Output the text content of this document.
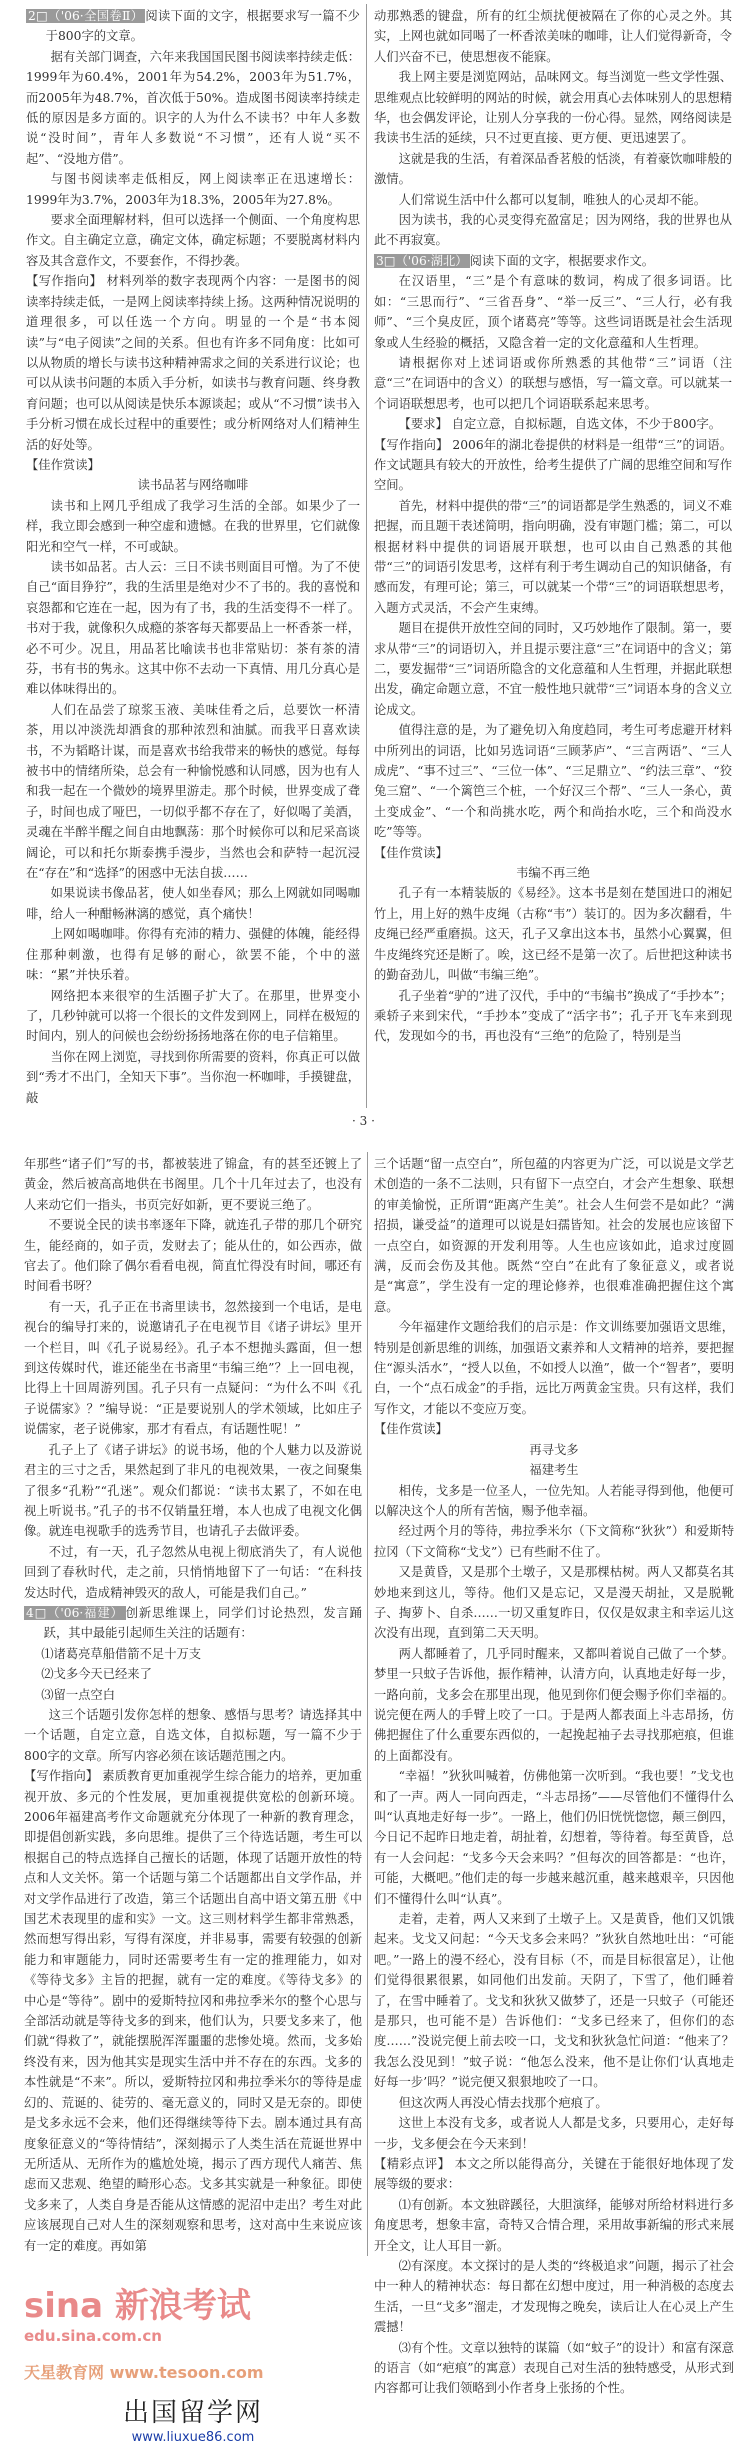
2□（'06·全国卷Ⅱ） 阅读下面的文字，根据要求写一篇不少于800字的文章。

据有关部门调查，六年来我国国民图书阅读率持续走低：1999年为60.4%，2001年为54.2%，2003年为51.7%，而2005年为48.7%，首次低于50%。造成图书阅读率持续走低的原因是多方面的。识字的人为什么不读书？中年人多数说“没时间”，青年人多数说“不习惯”，还有人说“买不起”、“没地方借”。

与图书阅读率走低相反，网上阅读率正在迅速增长：1999年为3.7%，2003年为18.3%，2005年为27.8%。

要求全面理解材料，但可以选择一个侧面、一个角度构思作文。自主确定立意，确定文体，确定标题；不要脱离材料内容及其含意作文，不要套作，不得抄袭。

【写作指向】 材料列举的数字表现两个内容：一是图书的阅读率持续走低，一是网上阅读率持续上扬。这两种情况说明的道理很多，可以任选一个方向。明显的一个是“书本阅读”与“电子阅读”之间的关系。但也有许多不同角度：比如可以从物质的增长与读书这种精神需求之间的关系进行议论；也可以从读书问题的本质入手分析，如读书与教育问题、终身教育问题；也可以从阅读是快乐本源谈起；或从“不习惯”读书入手分析习惯在成长过程中的重要性；或分析网络对人们精神生活的好处等。

【佳作赏读】

读书品茗与网络咖啡

读书和上网几乎组成了我学习生活的全部。如果少了一样，我立即会感到一种空虚和遗憾。在我的世界里，它们就像阳光和空气一样，不可或缺。

读书如品茗。古人云：三日不读书则面目可憎。为了不使自己“面目狰狞”，我的生活里是绝对少不了书的。我的喜悦和哀怨都和它连在一起，因为有了书，我的生活变得不一样了。书对于我，就像积久成瘾的茶客每天都要品上一杯香茶一样，必不可少。况且，用品茗比喻读书也非常贴切：茶有茶的清芬，书有书的隽永。这其中你不去动一下真情、用几分真心是难以体味得出的。

人们在品尝了琼浆玉液、美味佳肴之后，总要饮一杯清茶，用以冲淡洗却酒食的那种浓烈和油腻。而我平日喜欢读书，不为韬略计谋，而是喜欢书给我带来的畅快的感觉。每每被书中的情绪所染，总会有一种愉悦感和认同感，因为也有人和我一起在一个微妙的境界里游走。那个时候，世界变成了聋子，时间也成了哑巴，一切似乎都不存在了，好似喝了美酒，灵魂在半醉半醒之间自由地飘荡：那个时候你可以和尼采高谈阔论，可以和托尔斯泰携手漫步，当然也会和萨特一起沉浸在“存在”和“选择”的困惑中无法自拔……

如果说读书像品茗，使人如坐春风；那么上网就如同喝咖啡，给人一种酣畅淋漓的感觉，真个痛快！

上网如喝咖啡。你得有充沛的精力、强健的体魄，能经得住那种刺激，也得有足够的耐心，欲罢不能，个中的滋味：“累”并快乐着。

网络把本来很窄的生活圈子扩大了。在那里，世界变小了，几秒钟就可以将一个很长的文件发到网上，同样在极短的时间内，别人的问候也会纷纷扬扬地落在你的电子信箱里。

当你在网上浏览，寻找到你所需要的资料，你真正可以做到“秀才不出门，全知天下事”。当你泡一杯咖啡，手摸键盘，敲

动那熟悉的键盘，所有的红尘烦扰便被隔在了你的心灵之外。其实，上网也就如同喝了一杯香浓美味的咖啡，让人们觉得新奇，令人们兴奋不已，使思想夜不能寐。

我上网主要是浏览网站，品味网文。每当浏览一些文学性强、思维观点比较鲜明的网站的时候，就会用真心去体味别人的思想精华，也会偶发评论，让别人分享我的一份心得。显然，网络阅读是我读书生活的延续，只不过更直接、更方便、更迅速罢了。

这就是我的生活，有着深品香茗般的恬淡，有着豪饮咖啡般的激情。

人们常说生活中什么都可以复制，唯独人的心灵却不能。

因为读书，我的心灵变得充盈富足；因为网络，我的世界也从此不再寂寞。

3□（'06·湖北） 阅读下面的文字，根据要求作文。

在汉语里，“三”是个有意味的数词，构成了很多词语。比如：“三思而行”、“三省吾身”、“举一反三”、“三人行，必有我师”、“三个臭皮匠，顶个诸葛亮”等等。这些词语既是社会生活现象或人生经验的概括，又隐含着一定的文化意蕴和人生哲理。

请根据你对上述词语或你所熟悉的其他带“三”词语（注意“三”在词语中的含义）的联想与感悟，写一篇文章。可以就某一个词语联想思考，也可以把几个词语联系起来思考。

【要求】 自定立意，自拟标题，自选文体，不少于800字。

【写作指向】 2006年的湖北卷提供的材料是一组带“三”的词语。作文试题具有较大的开放性，给考生提供了广阔的思维空间和写作空间。

首先，材料中提供的带“三”的词语都是学生熟悉的，词义不难把握，而且题干表述简明，指向明确，没有审题门槛；第二，可以根据材料中提供的词语展开联想，也可以由自己熟悉的其他带“三”的词语引发思考，这样有利于考生调动自己的知识储备，有感而发，有理可论；第三，可以就某一个带“三”的词语联想思考，入题方式灵活，不会产生束缚。

题目在提供开放性空间的同时，又巧妙地作了限制。第一，要求从带“三”的词语切入，并且提示要注意“三”在词语中的含义；第二，要发掘带“三”词语所隐含的文化意蕴和人生哲理，并据此联想出发，确定命题立意，不宜一般性地只就带“三”词语本身的含义立论成文。

值得注意的是，为了避免切入角度趋同，考生可考虑避开材料中所列出的词语，比如另选词语“三顾茅庐”、“三言两语”、“三人成虎”、“事不过三”、“三位一体”、“三足鼎立”、“约法三章”、“狡兔三窟”、“一个篱笆三个桩，一个好汉三个帮”、“三人一条心，黄土变成金”、“一个和尚挑水吃，两个和尚抬水吃，三个和尚没水吃”等等。

【佳作赏读】

韦编不再三绝

孔子有一本精装版的《易经》。这本书是刻在楚国进口的湘妃竹上，用上好的熟牛皮绳（古称“韦”）装订的。因为多次翻看，牛皮绳已经严重磨损。这天，孔子又拿出这本书，虽然小心翼翼，但牛皮绳终究还是断了。唉，这已经不是第一次了。后世把这种读书的勤奋劲儿，叫做“韦编三绝”。

孔子坐着“驴的”进了汉代，手中的“韦编书”换成了“手抄本”；乘轿子来到宋代，“手抄本”变成了“活字书”；孔子开飞车来到现代，发现如今的书，再也没有“三绝”的危险了，特别是当

· 3 ·

年那些“诸子们”写的书，都被装进了锦盒，有的甚至还镀上了黄金，然后被高高地供在书阁里。几个十几年过去了，也没有人来动它们一指头，书页完好如新，更不要说三绝了。

不要说全民的读书率逐年下降，就连孔子带的那几个研究生，能经商的，如子贡，发财去了；能从仕的，如公西赤，做官去了。他们除了偶尔看看电视，简直忙得没有时间，哪还有时间看书呀？

有一天，孔子正在书斋里读书，忽然接到一个电话，是电视台的编导打来的，说邀请孔子在电视节目《诸子讲坛》里开一个栏目，叫《孔子说易经》。孔子本不想抛头露面，但一想到这传媒时代，谁还能坐在书斋里“韦编三绝”？上一回电视，比得上十回周游列国。孔子只有一点疑问：“为什么不叫《孔子说儒家》？”编导说：“正是要说别人的学术领域，比如庄子说儒家，老子说佛家，那才有看点，有话题性呢！”

孔子上了《诸子讲坛》的说书场，他的个人魅力以及游说君主的三寸之舌，果然起到了非凡的电视效果，一夜之间聚集了很多“孔粉”“孔迷”。观众们都说：“读书太累了，不如在电视上听说书。”孔子的书不仅销量狂增，本人也成了电视文化偶像。就连电视歌手的选秀节目，也请孔子去做评委。

不过，有一天，孔子忽然从电视上彻底消失了，有人说他回到了春秋时代，走之前，只悄悄地留下了一句话：“在科技发达时代，造成精神毁灭的敌人，可能是我们自己。”

4□（'06·福建） 创新思维课上，同学们讨论热烈，发言踊跃，其中最能引起师生关注的话题有：

⑴诸葛亮草船借箭不足十万支

⑵戈多今天已经来了

⑶留一点空白

这三个话题引发你怎样的想象、感悟与思考？请选择其中一个话题，自定立意，自选文体，自拟标题，写一篇不少于800字的文章。所写内容必须在该话题范围之内。

【写作指向】 素质教育更加重视学生综合能力的培养，更加重视开放、多元的个性发展，更加重视提供宽松的创新环境。2006年福建高考作文命题就充分体现了一种新的教育理念，即提倡创新实践，多向思维。提供了三个待选话题，考生可以根据自己的特点选择自己擅长的话题，体现了话题开放性的特点和人文关怀。第一个话题与第二个话题都出自文学作品，并对文学作品进行了改造，第三个话题出自高中语文第五册《中国艺术表现里的虚和实》一文。这三则材料学生都非常熟悉，然而想写得出彩，写得有深度，并非易事，需要有较强的创新能力和审题能力，同时还需要考生有一定的推理能力，如对《等待戈多》主旨的把握，就有一定的难度。《等待戈多》的中心是“等待”。剧中的爱斯特拉冈和弗拉季米尔的整个心思与全部活动就是等待戈多的到来，他们认为，只要戈多来了，他们就“得救了”，就能摆脱浑浑噩噩的悲惨处境。然而，戈多始终没有来，因为他其实是现实生活中并不存在的东西。戈多的本性就是“不来”。所以，爱斯特拉冈和弗拉季米尔的等待是虚幻的、荒诞的、徒劳的、毫无意义的，同时又是无奈的。即使是戈多永远不会来，他们还得继续等待下去。剧本通过具有高度象征意义的“等待情结”，深刻揭示了人类生活在荒诞世界中无所适从、无所作为的尴尬处境，揭示了西方现代人痛苦、焦虑而又悲观、绝望的畸形心态。戈多其实就是一种象征。即使戈多来了，人类自身是否能从这情感的泥沼中走出？考生对此应该展现自己对人生的深刻观察和思考，这对高中生来说应该有一定的难度。再如第

三个话题“留一点空白”，所包蕴的内容更为广泛，可以说是文学艺术创造的一条不二法则，只有留下一点空白，才会产生想象、联想的审美愉悦，正所谓“距离产生美”。社会人生何尝不是如此？“满招损，谦受益”的道理可以说是妇孺皆知。社会的发展也应该留下一点空白，如资源的开发利用等。人生也应该如此，追求过度圆满，反而会伤及其他。既然“空白”在此有了象征意义，或者说是“寓意”，学生没有一定的理论修养，也很难准确把握住这个寓意。

今年福建作文题给我们的启示是：作文训练要加强语文思维，特别是创新思维的训练，加强语文素养和人文精神的培养，要把握住“源头活水”，“授人以鱼，不如授人以渔”，做一个“智者”，要明白，一个“点石成金”的手指，远比万两黄金宝贵。只有这样，我们写作文，才能以不变应万变。

【佳作赏读】

再寻戈多

福建考生

相传，戈多是一位圣人，一位先知。人若能寻得到他，他便可以解决这个人的所有苦恼，赐予他幸福。

经过两个月的等待，弗拉季米尔（下文简称“狄狄”）和爱斯特拉冈（下文简称“戈戈”）已有些耐不住了。

又是黄昏，又是那个土墩子，又是那棵枯树。两人又都莫名其妙地来到这儿，等待。他们又是忘记，又是漫天胡扯，又是脱靴子、掏萝卜、自杀……一切又重复昨日，仅仅是奴隶主和幸运儿这次没有出现，直到第二天天明。

两人都睡着了，几乎同时醒来，又都叫着说自己做了一个梦。梦里一只蚊子告诉他，振作精神，认清方向，认真地走好每一步，一路向前，戈多会在那里出现，他见到你们便会赐予你们幸福的。说完便在两人的手臂上咬了一口。于是两人都表面上斗志昂扬，仿佛把握住了什么重要东西似的，一起挽起袖子去寻找那疤痕，但谁的上面都没有。

“幸福！”狄狄叫喊着，仿佛他第一次听到。“我也要！”戈戈也和了一声。两人一同向西走，“斗志昂扬”——尽管他们不懂得什么叫“认真地走好每一步”。一路上，他们仍旧恍恍惚惚，颠三倒四，今日记不起昨日地走着，胡扯着，幻想着，等待着。每至黄昏，总有一人会问起：“戈多今天会来吗？”但每次的回答都是：“也许，可能，大概吧。”他们走的每一步越来越沉重，越来越艰辛，只因他们不懂得什么叫“认真”。

走着，走着，两人又来到了土墩子上。又是黄昏，他们又饥饿起来。戈戈又问起：“今天戈多会来吗？”狄狄自然地吐出：“可能吧。”一路上的漫不经心，没有目标（不，而是目标很富足），让他们觉得很累很累，如同他们出发前。天阴了，下雪了，他们睡着了，在雪中睡着了。戈戈和狄狄又做梦了，还是一只蚊子（可能还是那只，也可能不是）告诉他们：“戈多已经来了，但你们的态度……”没说完便上前去咬一口，戈戈和狄狄急忙问道：“他来了？我怎么没见到！”蚊子说：“他怎么没来，他不是让你们‘认真地走好每一步’吗？”说完便又狠狠地咬了一口。

但这次两人再没心情去找那个疤痕了。

这世上本没有戈多，或者说人人都是戈多，只要用心，走好每一步，戈多便会在今天来到！

【精彩点评】 本文之所以能得高分，关键在于能很好地体现了发展等级的要求：

⑴有创新。本文独辟蹊径，大胆演绎，能够对所给材料进行多角度思考，想象丰富，奇特又合情合理，采用故事新编的形式来展开全文，让人耳目一新。

⑵有深度。本文探讨的是人类的“终极追求”问题，揭示了社会中一种人的精神状态：每日都在幻想中度过，用一种消极的态度去生活，一旦“戈多”溜走，才发现悔之晚矣，读后让人在心灵上产生震撼！

⑶有个性。文章以独特的谋篇（如“蚊子”的设计）和富有深意的语言（如“疤痕”的寓意）表现自己对生活的独特感受，从形式到内容都可让我们领略到小作者身上张扬的个性。

sina 新浪考试
edu.sina.com.cn
天星教育网 www.tesoon.com
出国留学网
www.liuxue86.com
